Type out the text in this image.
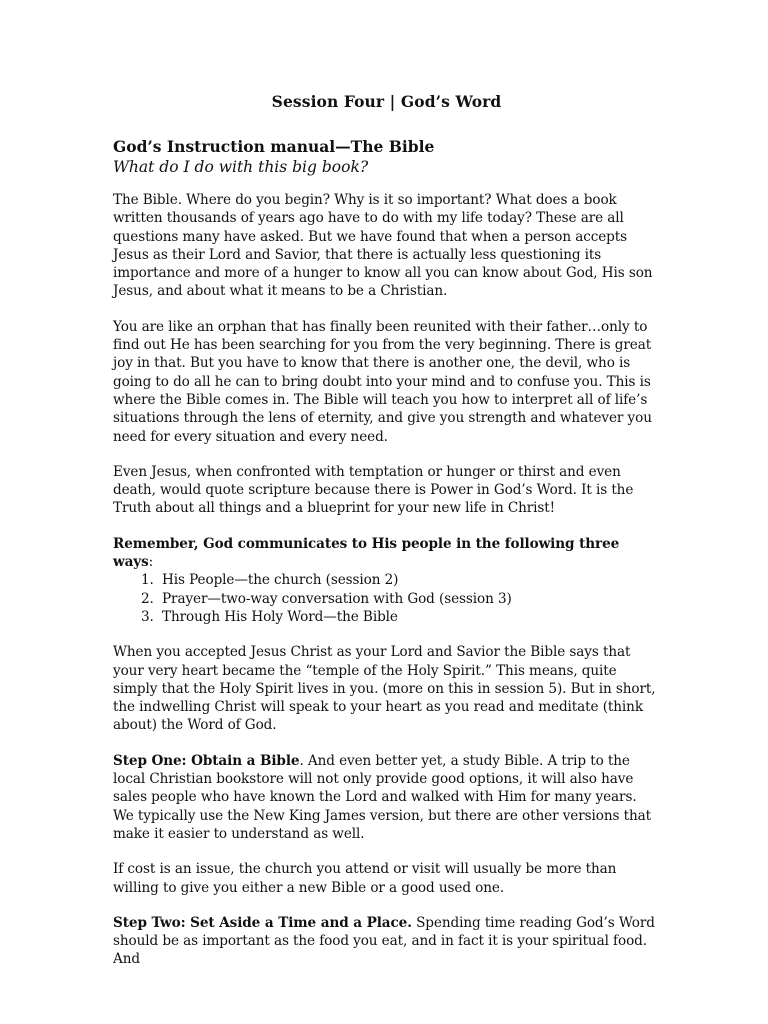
Session Four | God’s Word
God’s Instruction manual—The Bible
What do I do with this big book?

The Bible. Where do you begin? Why is it so important? What does a book written thousands of years ago have to do with my life today? These are all questions many have asked. But we have found that when a person accepts Jesus as their Lord and Savior, that there is actually less questioning its importance and more of a hunger to know all you can know about God, His son Jesus, and about what it means to be a Christian.

You are like an orphan that has finally been reunited with their father…only to find out He has been searching for you from the very beginning. There is great joy in that. But you have to know that there is another one, the devil, who is going to do all he can to bring doubt into your mind and to confuse you. This is where the Bible comes in. The Bible will teach you how to interpret all of life’s situations through the lens of eternity, and give you strength and whatever you need for every situation and every need.

Even Jesus, when confronted with temptation or hunger or thirst and even death, would quote scripture because there is Power in God’s Word. It is the Truth about all things and a blueprint for your new life in Christ!

Remember, God communicates to His people in the following three ways:
1. His People—the church (session 2)
2. Prayer—two-way conversation with God (session 3)
3. Through His Holy Word—the Bible

When you accepted Jesus Christ as your Lord and Savior the Bible says that your very heart became the “temple of the Holy Spirit.” This means, quite simply that the Holy Spirit lives in you. (more on this in session 5). But in short, the indwelling Christ will speak to your heart as you read and meditate (think about) the Word of God.

Step One: Obtain a Bible. And even better yet, a study Bible. A trip to the local Christian bookstore will not only provide good options, it will also have sales people who have known the Lord and walked with Him for many years. We typically use the New King James version, but there are other versions that make it easier to understand as well.

If cost is an issue, the church you attend or visit will usually be more than willing to give you either a new Bible or a good used one.

Step Two: Set Aside a Time and a Place. Spending time reading God’s Word should be as important as the food you eat, and in fact it is your spiritual food. And
